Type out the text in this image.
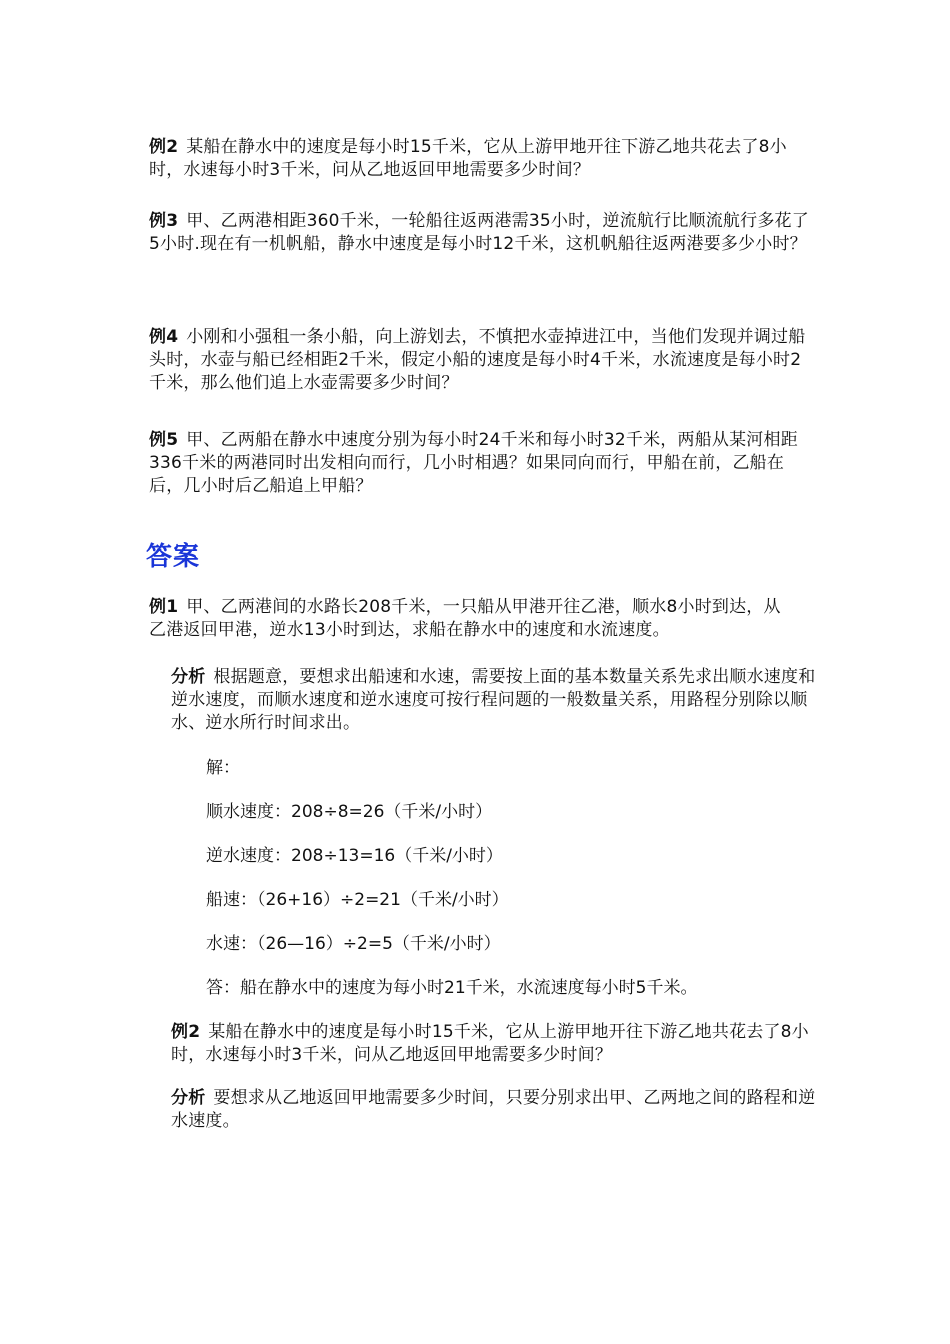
例2 某船在静水中的速度是每小时15千米，它从上游甲地开往下游乙地共花去了8小时，水速每小时3千米，问从乙地返回甲地需要多少时间？
例3 甲、乙两港相距360千米，一轮船往返两港需35小时，逆流航行比顺流航行多花了5小时.现在有一机帆船，静水中速度是每小时12千米，这机帆船往返两港要多少小时？
例4 小刚和小强租一条小船，向上游划去，不慎把水壶掉进江中，当他们发现并调过船头时，水壶与船已经相距2千米，假定小船的速度是每小时4千米，水流速度是每小时2千米，那么他们追上水壶需要多少时间？
例5 甲、乙两船在静水中速度分别为每小时24千米和每小时32千米，两船从某河相距336千米的两港同时出发相向而行，几小时相遇？如果同向而行，甲船在前，乙船在后，几小时后乙船追上甲船？
答案
例1 甲、乙两港间的水路长208千米，一只船从甲港开往乙港，顺水8小时到达，从乙港返回甲港，逆水13小时到达，求船在静水中的速度和水流速度。
分析 根据题意，要想求出船速和水速，需要按上面的基本数量关系先求出顺水速度和逆水速度，而顺水速度和逆水速度可按行程问题的一般数量关系，用路程分别除以顺水、逆水所行时间求出。
解：
顺水速度：208÷8=26（千米/小时）
逆水速度：208÷13=16（千米/小时）
船速：（26+16）÷2=21（千米/小时）
水速：（26—16）÷2=5（千米/小时）
答：船在静水中的速度为每小时21千米，水流速度每小时5千米。
例2 某船在静水中的速度是每小时15千米，它从上游甲地开往下游乙地共花去了8小时，水速每小时3千米，问从乙地返回甲地需要多少时间？
分析 要想求从乙地返回甲地需要多少时间，只要分别求出甲、乙两地之间的路程和逆水速度。
